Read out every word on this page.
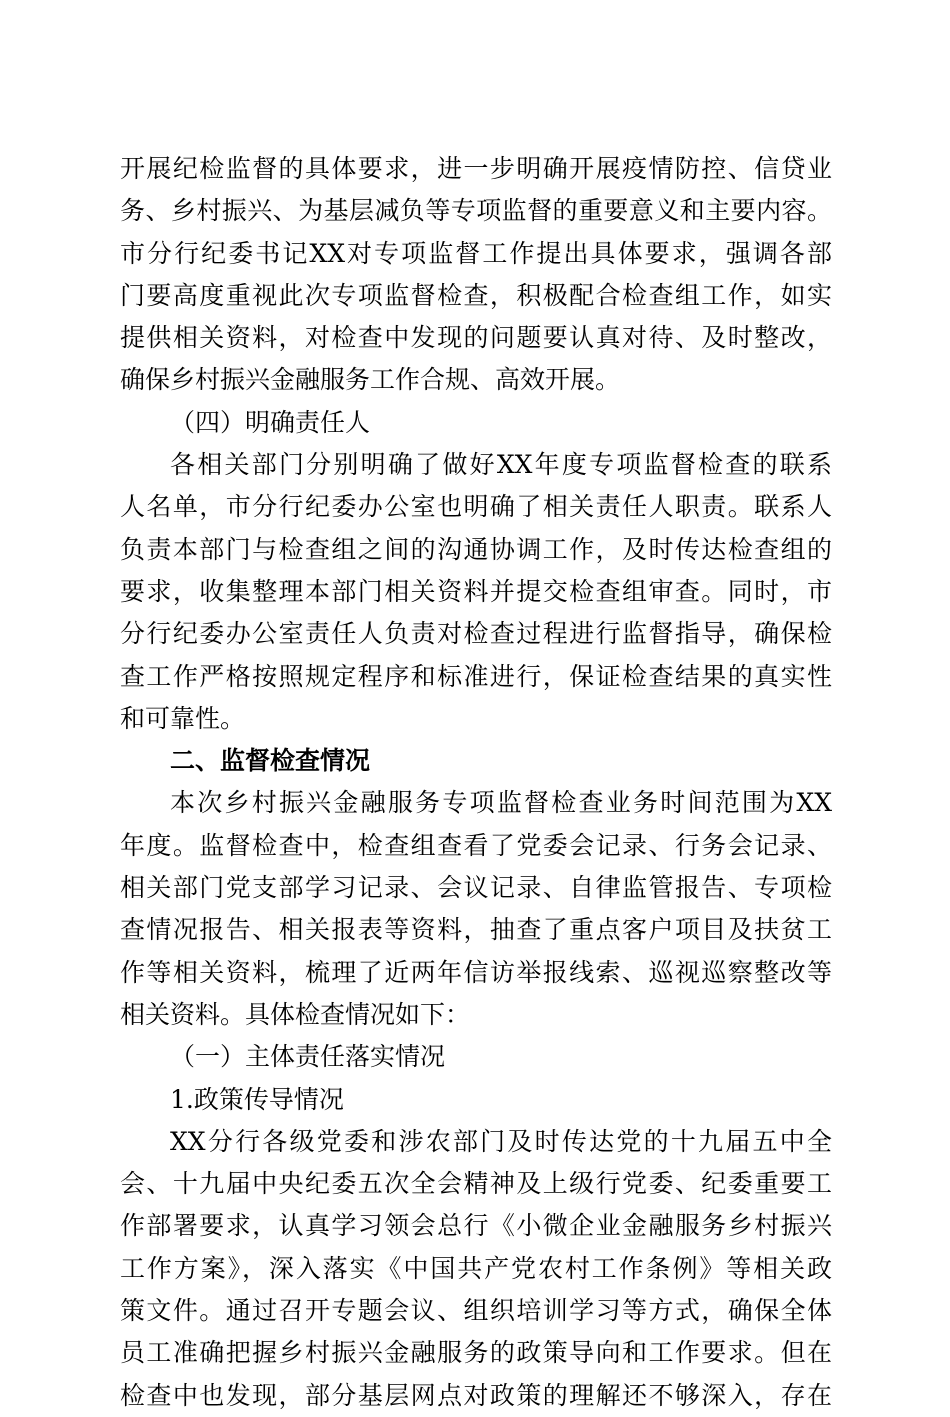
开展纪检监督的具体要求，进一步明确开展疫情防控、信贷业
务、乡村振兴、为基层减负等专项监督的重要意义和主要内容。
市分行纪委书记XX对专项监督工作提出具体要求，强调各部
门要高度重视此次专项监督检查，积极配合检查组工作，如实
提供相关资料，对检查中发现的问题要认真对待、及时整改，
确保乡村振兴金融服务工作合规、高效开展。
（四）明确责任人
各相关部门分别明确了做好XX年度专项监督检查的联系
人名单，市分行纪委办公室也明确了相关责任人职责。联系人
负责本部门与检查组之间的沟通协调工作，及时传达检查组的
要求，收集整理本部门相关资料并提交检查组审查。同时，市
分行纪委办公室责任人负责对检查过程进行监督指导，确保检
查工作严格按照规定程序和标准进行，保证检查结果的真实性
和可靠性。
二、监督检查情况
本次乡村振兴金融服务专项监督检查业务时间范围为XX
年度。监督检查中，检查组查看了党委会记录、行务会记录、
相关部门党支部学习记录、会议记录、自律监管报告、专项检
查情况报告、相关报表等资料，抽查了重点客户项目及扶贫工
作等相关资料，梳理了近两年信访举报线索、巡视巡察整改等
相关资料。具体检查情况如下：
（一）主体责任落实情况
1.政策传导情况
XX分行各级党委和涉农部门及时传达党的十九届五中全
会、十九届中央纪委五次全会精神及上级行党委、纪委重要工
作部署要求，认真学习领会总行《小微企业金融服务乡村振兴
工作方案》，深入落实《中国共产党农村工作条例》等相关政
策文件。通过召开专题会议、组织培训学习等方式，确保全体
员工准确把握乡村振兴金融服务的政策导向和工作要求。但在
检查中也发现，部分基层网点对政策的理解还不够深入，存在
